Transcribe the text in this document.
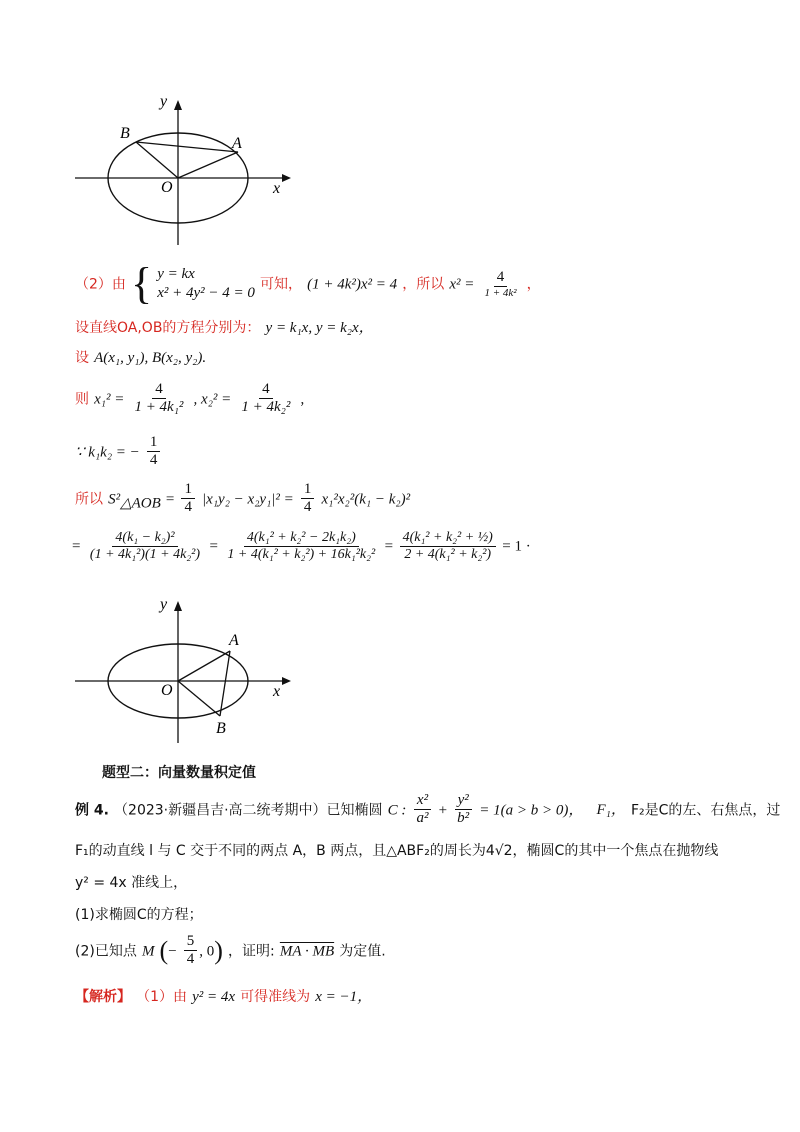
y
x
O
A
B
（2）由 { y = kx
x² + 4y² − 4 = 0
可知， (1 + 4k²)x² = 4 ，所以 $x^2 = \frac{4}{\text{1 + 4k²}}$ ，
设直线OA,OB的方程分别为： y = k₁x, y = k₂x，
设 A(x₁, y₁), B(x₂, y₂).
则 $x_1^2 = \frac{4}{\text{1 + 4k₁²}}$ , $x_2^2 = \frac{4}{\text{1 + 4k₂²}}$ ,
∵ k₁k₂ = − $\frac{1}{4}$
所以 $S^2_{\triangle AOB} = \frac{1}{4} |x_1y_2 - x_2y_1|^2 = \frac{1}{4} x_1^2x_2^2(k_1 - k_2)^2$
= $\frac{\text{4(k₁ − k₂)²}}{\text{(1 + 4k₁²)(1 + 4k₂²)}} = \frac{\text{4(k₁² + k₂² − 2k₁k₂)}}{\text{1 + 4(k₁² + k₂²) + 16k₁²k₂²}} = \frac{\text{4(k₁² + k₂² + ½)}}{\text{2 + 4(k₁² + k₂²)}} = 1$ ·
y
x
O
A
B
题型二：向量数量积定值
例 4. （2023·新疆昌吉·高二统考期中）已知椭圆 C : $\frac{\text{x²}}{\text{a²}} + \frac{\text{y²}}{\text{b²}} = 1(a > b > 0)$， F₁， F₂是C的左、右焦点，过
F₁的动直线 l 与 C 交于不同的两点 A，B 两点，且△ABF₂的周长为4√2，椭圆C的其中一个焦点在抛物线
y² = 4x 准线上，
(1)求椭圆C的方程；
(2)已知点 M (− $\frac{5}{4}$ , 0) ，证明: MA · MB 为定值.
【解析】 （1）由 y² = 4x 可得准线为 x = −1，
